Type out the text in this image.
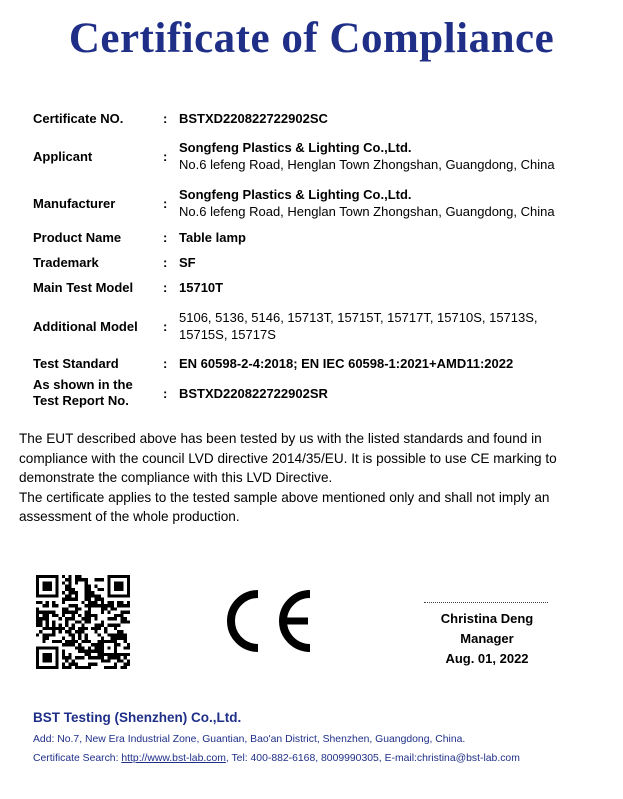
Certificate of Compliance
Certificate NO.	: BSTXD220822722902SC
Applicant	:
Songfeng Plastics & Lighting Co.,Ltd.
No.6 lefeng Road, Henglan Town Zhongshan, Guangdong, China
Manufacturer	:
Songfeng Plastics & Lighting Co.,Ltd.
No.6 lefeng Road, Henglan Town Zhongshan, Guangdong, China
Product Name	: Table lamp
Trademark	: SF
Main Test Model : 15710T
Additional Model :
5106, 5136, 5146, 15713T, 15715T, 15717T, 15710S, 15713S, 15715S, 15717S
Test Standard	: EN 60598-2-4:2018; EN IEC 60598-1:2021+AMD11:2022
As shown in the
Test Report No.	: BSTXD220822722902SR

The EUT described above has been tested by us with the listed standards and found in compliance with the council LVD directive 2014/35/EU. It is possible to use CE marking to demonstrate the compliance with this LVD Directive.

The certificate applies to the tested sample above mentioned only and shall not imply an assessment of the whole production.

Christina Deng
Manager
Aug. 01, 2022
BST Testing (Shenzhen) Co.,Ltd.
Add: No.7, New Era Industrial Zone, Guantian, Bao'an District, Shenzhen, Guangdong, China.
Certificate Search: http://www.bst-lab.com, Tel: 400-882-6168, 8009990305, E-mail:christina@bst-lab.com
